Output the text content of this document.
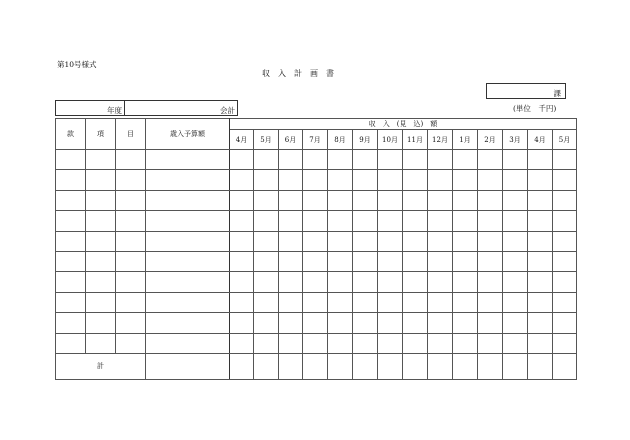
第10号様式
収　入　計　画　書
課
年度	会計	(単位　千円)
款	項	目	歳入予算額	収　入　(見　込)　額													
				4月	5月	6月	7月	8月	9月	10月	11月	12月	1月	2月	3月	4月	5月

計																	
